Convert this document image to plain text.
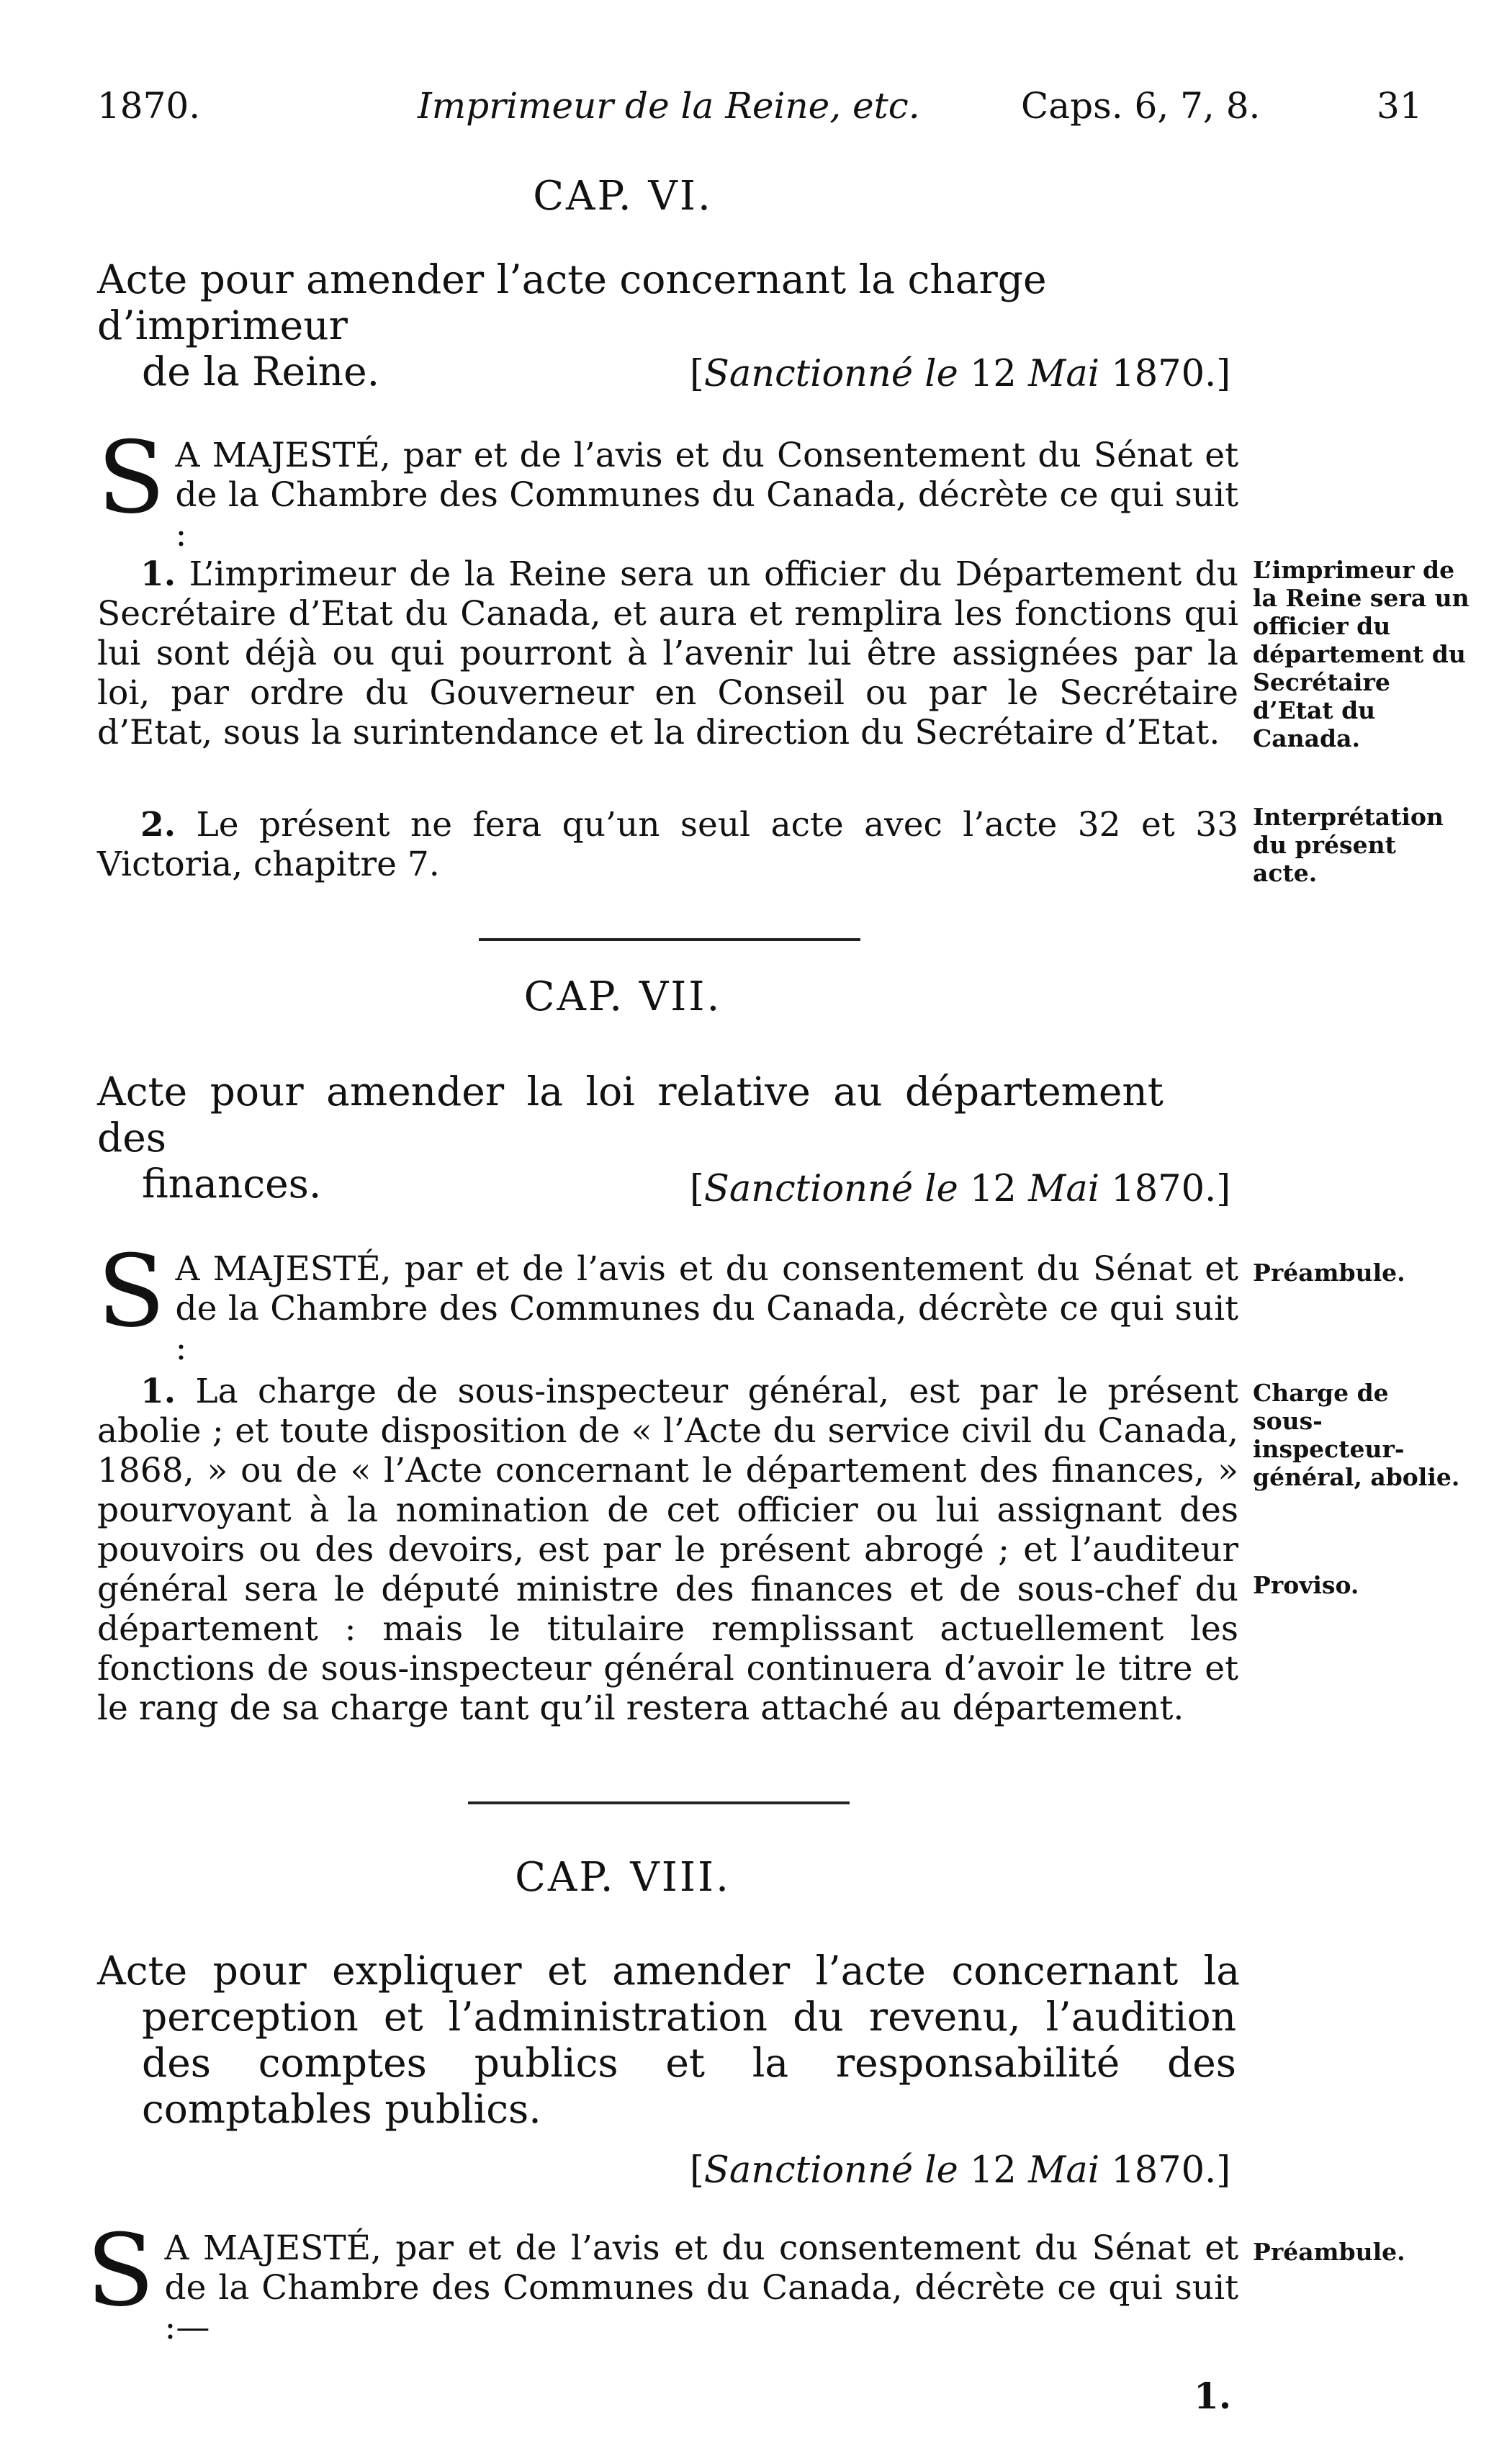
1870.	Imprimeur de la Reine, etc.	Caps. 6, 7, 8.	31
CAP. VI.
Acte pour amender l’acte concernant la charge d’imprimeur
de la Reine.	[Sanctionné le 12 Mai 1870.]
S A MAJESTÉ, par et de l’avis et du Consentement du Sénat et de la Chambre des Communes du Canada, décrète ce qui suit :
1. L’imprimeur de la Reine sera un officier du Département du Secrétaire d’Etat du Canada, et aura et remplira les fonctions qui lui sont déjà ou qui pourront à l’avenir lui être assignées par la loi, par ordre du Gouverneur en Conseil ou par le Secrétaire d’Etat, sous la surintendance et la direction du Secrétaire d’Etat.
L’imprimeur de la Reine sera un officier du département du Secrétaire d’Etat du Canada.
2. Le présent ne fera qu’un seul acte avec l’acte 32 et 33 Victoria, chapitre 7.
Interprétation du présent acte.
CAP. VII.
Acte pour amender la loi relative au département des
finances.	[Sanctionné le 12 Mai 1870.]
S A MAJESTÉ, par et de l’avis et du consentement du Sénat et de la Chambre des Communes du Canada, décrète ce qui suit :
Préambule.
1. La charge de sous-inspecteur général, est par le présent abolie ; et toute disposition de « l’Acte du service civil du Canada, 1868, » ou de « l’Acte concernant le département des finances, » pourvoyant à la nomination de cet officier ou lui assignant des pouvoirs ou des devoirs, est par le présent abrogé ; et l’auditeur général sera le député ministre des finances et de sous-chef du département : mais le titulaire remplissant actuellement les fonctions de sous-inspecteur général continuera d’avoir le titre et le rang de sa charge tant qu’il restera attaché au département.
Charge de sous-inspecteur-général, abolie.
Proviso.
CAP. VIII.
Acte pour expliquer et amender l’acte concernant la
perception et l’administration du revenu, l’audition des comptes publics et la responsabilité des comptables publics.
[Sanctionné le 12 Mai 1870.]
S A MAJESTÉ, par et de l’avis et du consentement du Sénat et de la Chambre des Communes du Canada, décrète ce qui suit :—
Préambule.
1.
